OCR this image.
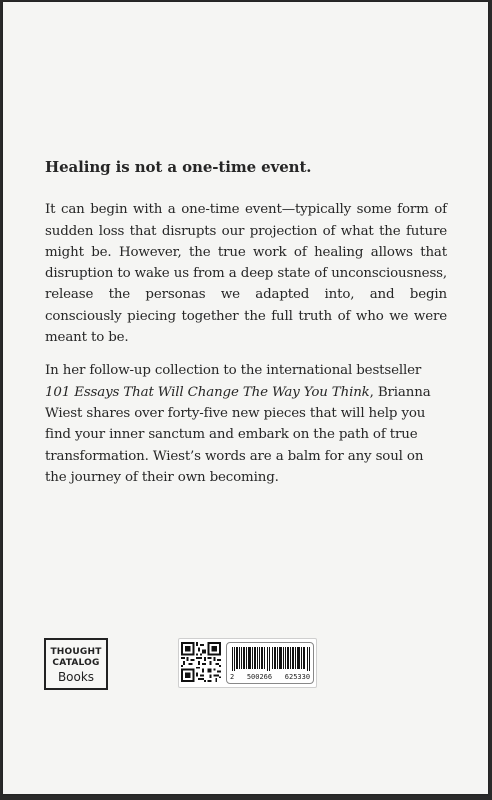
Healing is not a one-time event.

It can begin with a one-time event—typically some form of sudden loss that disrupts our projection of what the future might be. However, the true work of healing allows that disruption to wake us from a deep state of unconsciousness, release the personas we adapted into, and begin consciously piecing together the full truth of who we were meant to be.

In her follow-up collection to the international bestseller 101 Essays That Will Change The Way You Think, Brianna Wiest shares over forty-five new pieces that will help you find your inner sanctum and embark on the path of true transformation. Wiest’s words are a balm for any soul on the journey of their own becoming.

THOUGHT
CATALOG
Books	2 500266 625330
